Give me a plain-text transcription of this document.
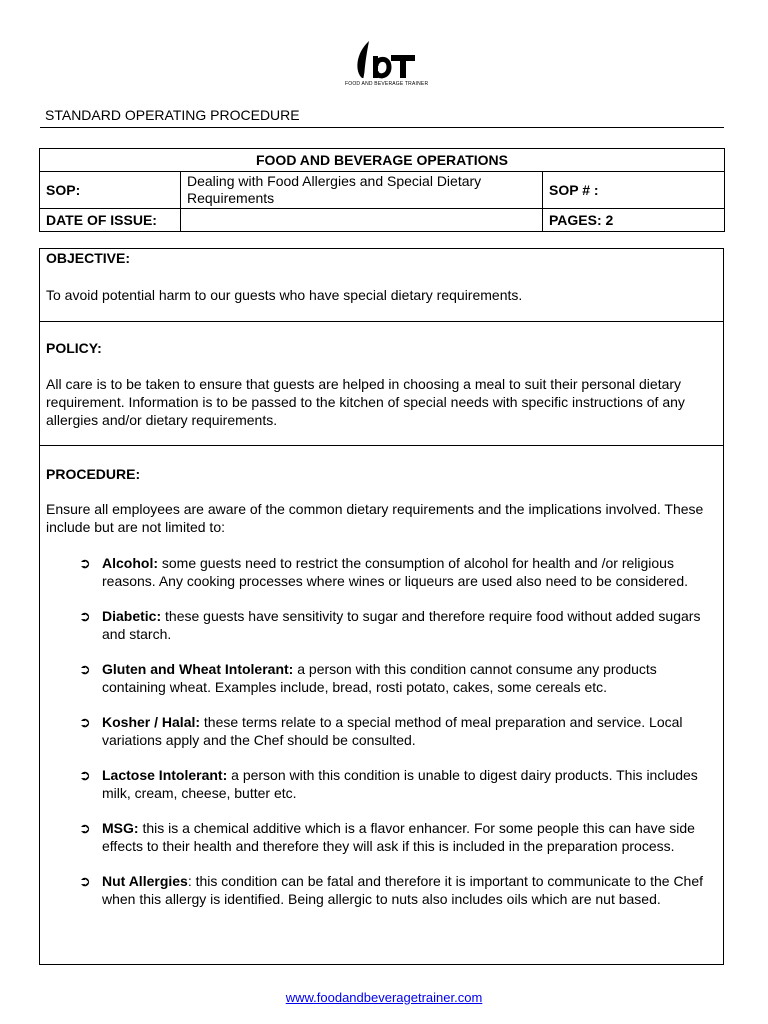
FOOD AND BEVERAGE TRAINER
STANDARD OPERATING PROCEDURE
FOOD AND BEVERAGE OPERATIONS		
SOP:	Dealing with Food Allergies and Special Dietary Requirements	SOP # :
DATE OF ISSUE:		PAGES: 2

OBJECTIVE:

To avoid potential harm to our guests who have special dietary requirements.

POLICY:

All care is to be taken to ensure that guests are helped in choosing a meal to suit their personal dietary requirement. Information is to be passed to the kitchen of special needs with specific instructions of any allergies and/or dietary requirements.

PROCEDURE:

Ensure all employees are aware of the common dietary requirements and the implications involved. These include but are not limited to:

➲ Alcohol: some guests need to restrict the consumption of alcohol for health and /or religious reasons. Any cooking processes where wines or liqueurs are used also need to be considered.
➲ Diabetic: these guests have sensitivity to sugar and therefore require food without added sugars and starch.
➲ Gluten and Wheat Intolerant: a person with this condition cannot consume any products containing wheat. Examples include, bread, rosti potato, cakes, some cereals etc.
➲ Kosher / Halal: these terms relate to a special method of meal preparation and service. Local variations apply and the Chef should be consulted.
➲ Lactose Intolerant: a person with this condition is unable to digest dairy products. This includes milk, cream, cheese, butter etc.
➲ MSG: this is a chemical additive which is a flavor enhancer. For some people this can have side effects to their health and therefore they will ask if this is included in the preparation process.
➲ Nut Allergies: this condition can be fatal and therefore it is important to communicate to the Chef when this allergy is identified. Being allergic to nuts also includes oils which are nut based.
www.foodandbeveragetrainer.com
